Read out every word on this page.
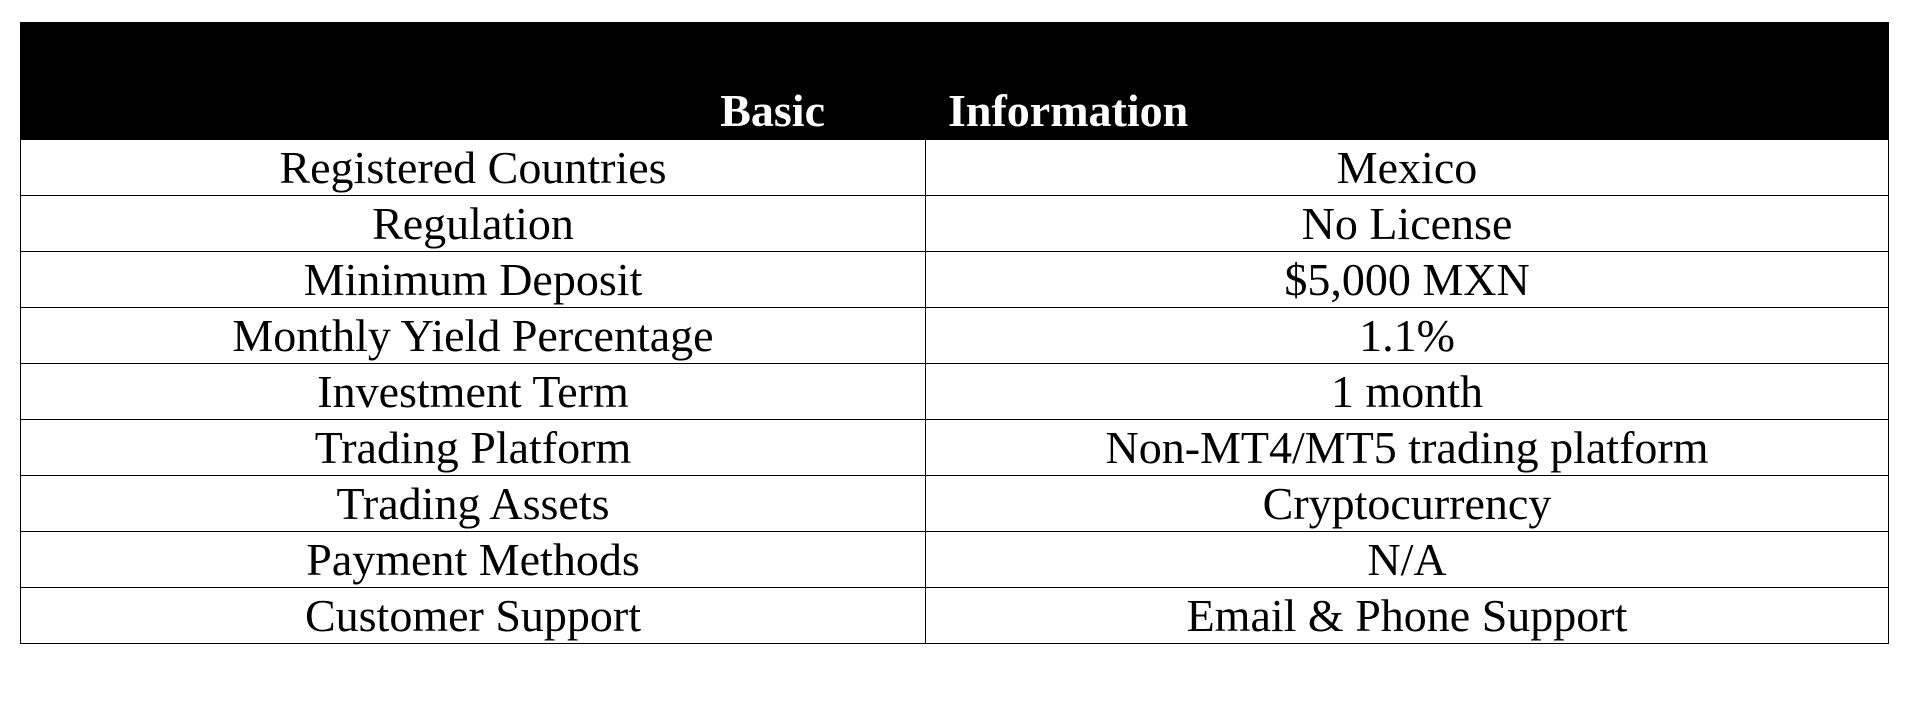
Basic	Information
Registered Countries	Mexico
Regulation	No License
Minimum Deposit	$5,000 MXN
Monthly Yield Percentage	1.1%
Investment Term	1 month
Trading Platform	Non-MT4/MT5 trading platform
Trading Assets	Cryptocurrency
Payment Methods	N/A
Customer Support	Email & Phone Support
